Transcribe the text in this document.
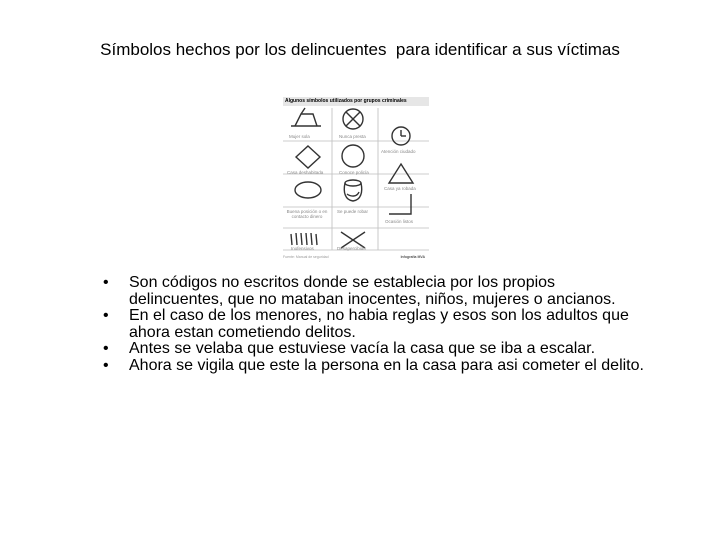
Símbolos hechos por los delincuentes  para identificar a sus víctimas
Algunos símbolos utilizados por grupos criminales
Mujer sola	Nunca presta
Atención ciudado
Casa deshabitada	Conoce policía
Casa ya robada
Buena posición o en contacto dinero
Se puede robar
Ocasión listos
Inofensivos	Desapercibido
Fuente: Manual de seguridad	Infografía MVA
• Son códigos no escritos donde se establecia por los propios delincuentes, que no mataban inocentes, niños, mujeres o ancianos.
• En el caso de los menores, no habia reglas y esos son los adultos que ahora estan cometiendo delitos.
• Antes se velaba que estuviese vacía la casa que se iba a escalar.
• Ahora se vigila que este la persona en la casa para asi cometer el delito.
